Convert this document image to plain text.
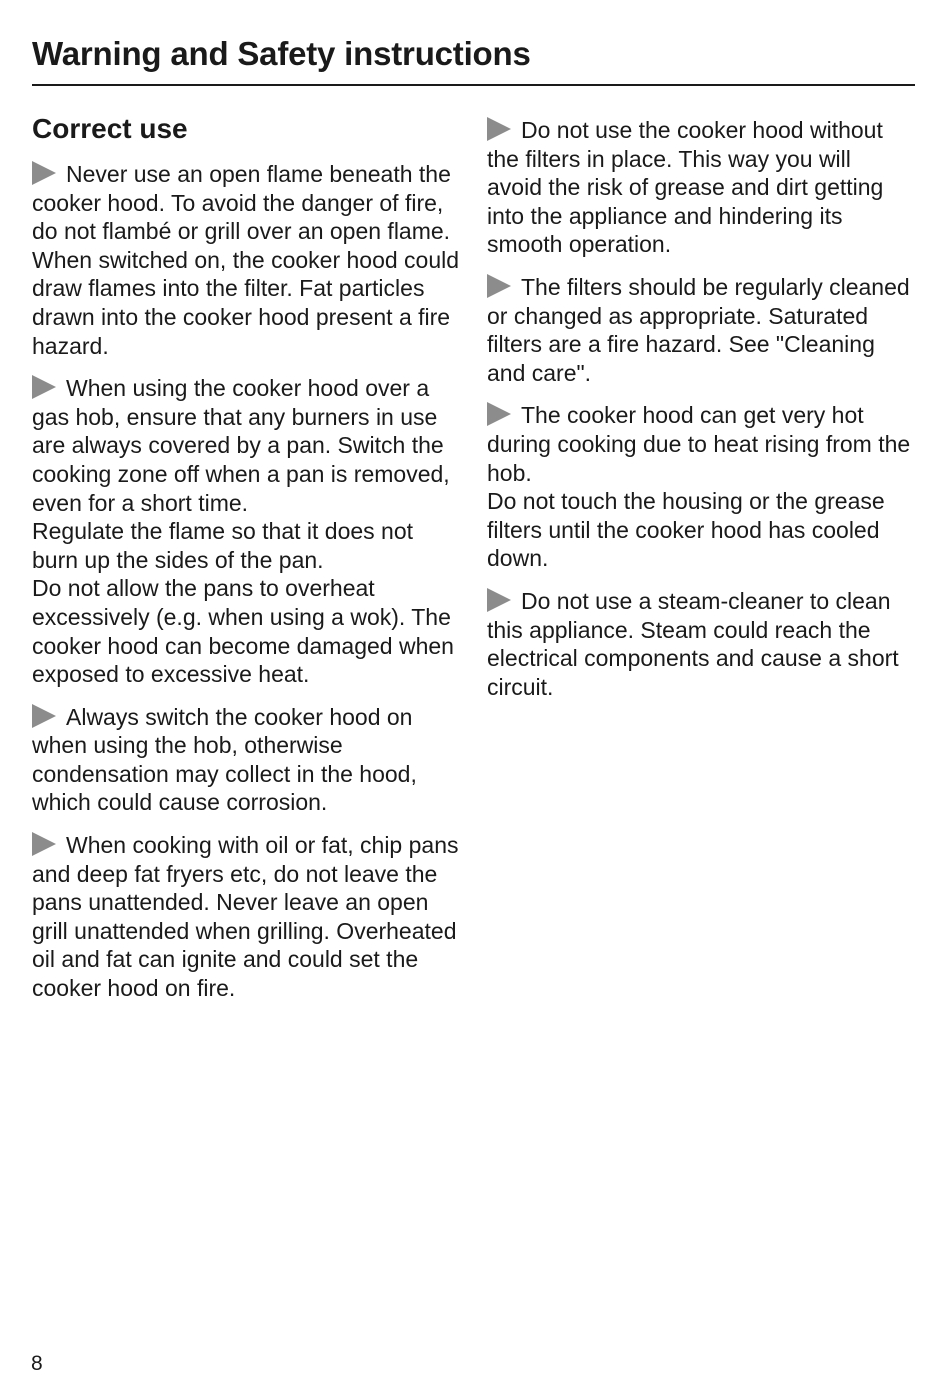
Warning and Safety instructions
Correct use

Never use an open flame beneath the cooker hood. To avoid the danger of fire, do not flambé or grill over an open flame.

When switched on, the cooker hood could draw flames into the filter. Fat particles drawn into the cooker hood present a fire hazard.

When using the cooker hood over a gas hob, ensure that any burners in use are always covered by a pan. Switch the cooking zone off when a pan is removed, even for a short time.

Regulate the flame so that it does not burn up the sides of the pan.

Do not allow the pans to overheat excessively (e.g. when using a wok). The cooker hood can become damaged when exposed to excessive heat.

Always switch the cooker hood on when using the hob, otherwise condensation may collect in the hood, which could cause corrosion.

When cooking with oil or fat, chip pans and deep fat fryers etc, do not leave the pans unattended. Never leave an open grill unattended when grilling. Overheated oil and fat can ignite and could set the cooker hood on fire.

Do not use the cooker hood without the filters in place. This way you will avoid the risk of grease and dirt getting into the appliance and hindering its smooth operation.

The filters should be regularly cleaned or changed as appropriate. Saturated filters are a fire hazard. See "Cleaning and care".

The cooker hood can get very hot during cooking due to heat rising from the hob.

Do not touch the housing or the grease filters until the cooker hood has cooled down.

Do not use a steam-cleaner to clean this appliance. Steam could reach the electrical components and cause a short circuit.

8
